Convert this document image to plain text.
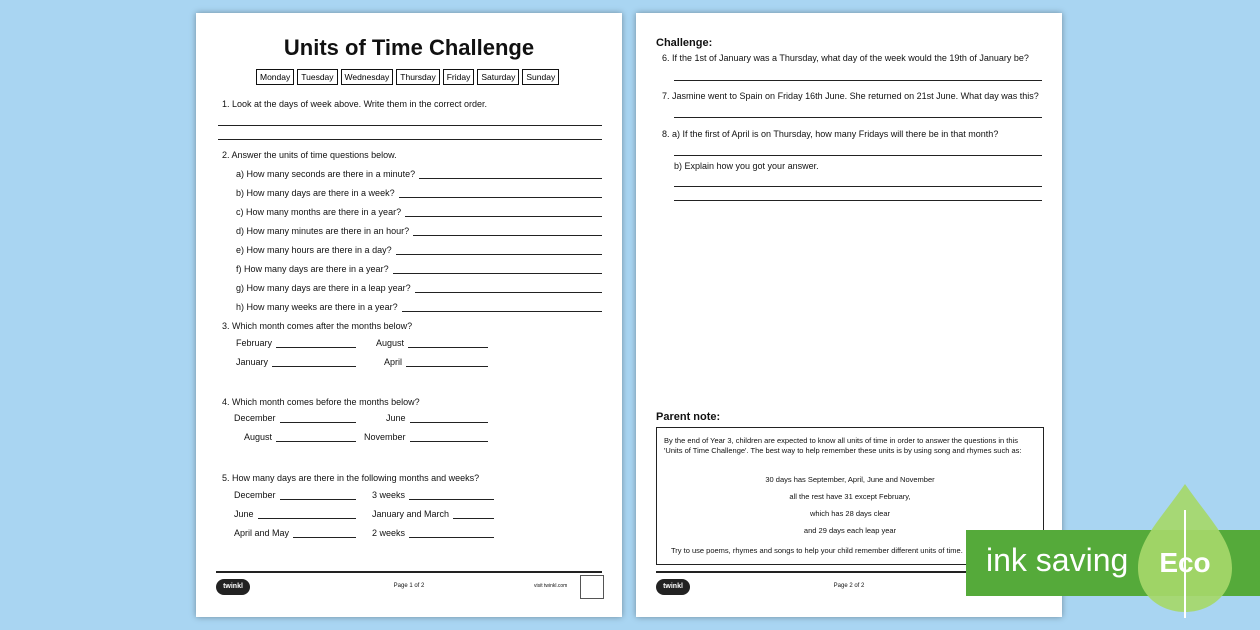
Units of Time Challenge
Monday	Tuesday	Wednesday	Thursday	Friday	Saturday	Sunday
1. Look at the days of week above. Write them in the correct order.
2. Answer the units of time questions below.
a) How many seconds are there in a minute?
b) How many days are there in a week?
c) How many months are there in a year?
d) How many minutes are there in an hour?
e) How many hours are there in a day?
f) How many days are there in a year?
g) How many days are there in a leap year?
h) How many weeks are there in a year?
3. Which month comes after the months below?
February	August
January	April
4. Which month comes before the months below?
December	June
August	November
5. How many days are there in the following months and weeks?
December	3 weeks
June	January and March
April and May	2 weeks
twinkl	Page 1 of 2	visit twinkl.com
Challenge:
6. If the 1st of January was a Thursday, what day of the week would the 19th of January be?
7. Jasmine went to Spain on Friday 16th June. She returned on 21st June. What day was this?
8. a) If the first of April is on Thursday, how many Fridays will there be in that month?
b) Explain how you got your answer.
Parent note:
By the end of Year 3, children are expected to know all units of time in order to answer the questions in this 'Units of Time Challenge'. The best way to help remember these units is by using song and rhymes such as:
30 days has September, April, June and November
all the rest have 31 except February,
which has 28 days clear
and 29 days each leap year
Try to use poems, rhymes and songs to help your child remember different units of time.
twinkl	Page 2 of 2
ink saving Eco
